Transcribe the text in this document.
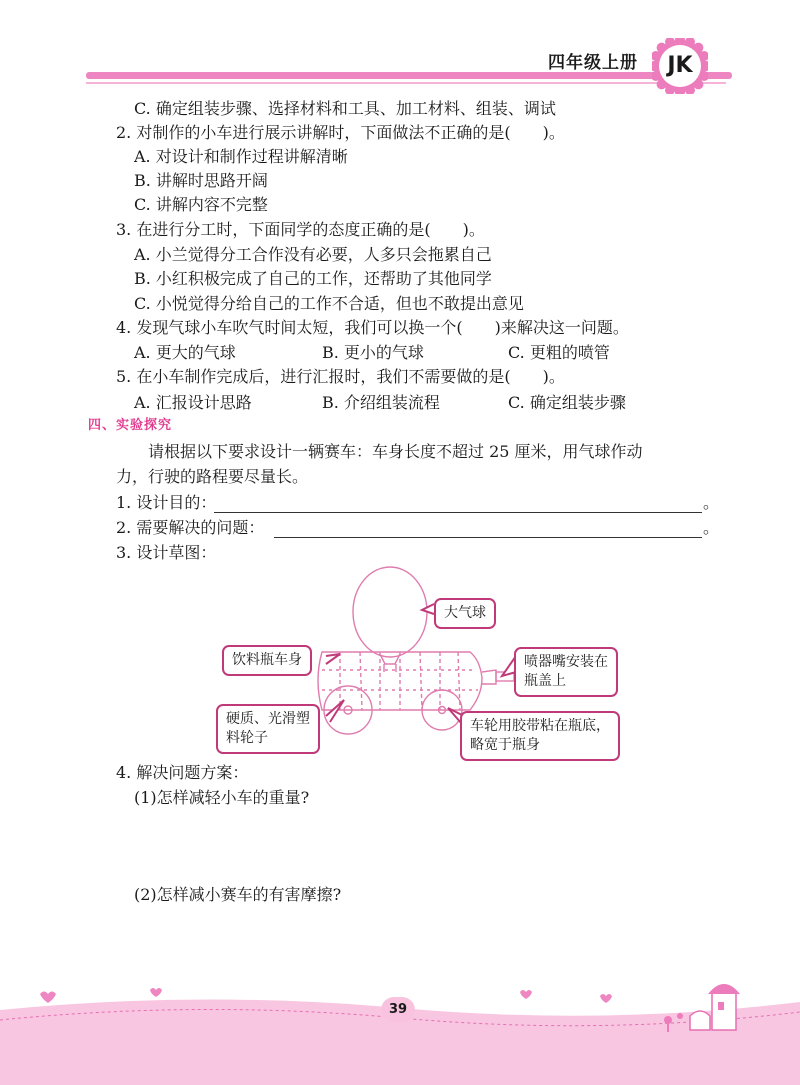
四年级上册	JK
C. 确定组装步骤、选择材料和工具、加工材料、组装、调试
2. 对制作的小车进行展示讲解时，下面做法不正确的是(　　)。
A. 对设计和制作过程讲解清晰
B. 讲解时思路开阔
C. 讲解内容不完整
3. 在进行分工时，下面同学的态度正确的是(　　)。
A. 小兰觉得分工合作没有必要，人多只会拖累自己
B. 小红积极完成了自己的工作，还帮助了其他同学
C. 小悦觉得分给自己的工作不合适，但也不敢提出意见
4. 发现气球小车吹气时间太短，我们可以换一个(　　)来解决这一问题。
A. 更大的气球	B. 更小的气球	C. 更粗的喷管
5. 在小车制作完成后，进行汇报时，我们不需要做的是(　　)。
A. 汇报设计思路	B. 介绍组装流程	C. 确定组装步骤
四、实验探究
请根据以下要求设计一辆赛车：车身长度不超过 25 厘米，用气球作动
力，行驶的路程要尽量长。
1. 设计目的：	。
2. 需要解决的问题：	。
3. 设计草图：
大气球
饮料瓶车身	喷器嘴安装在
瓶盖上
硬质、光滑塑
料轮子
车轮用胶带粘在瓶底，
略宽于瓶身
4. 解决问题方案：
(1)怎样减轻小车的重量?
(2)怎样减小赛车的有害摩擦?
39
